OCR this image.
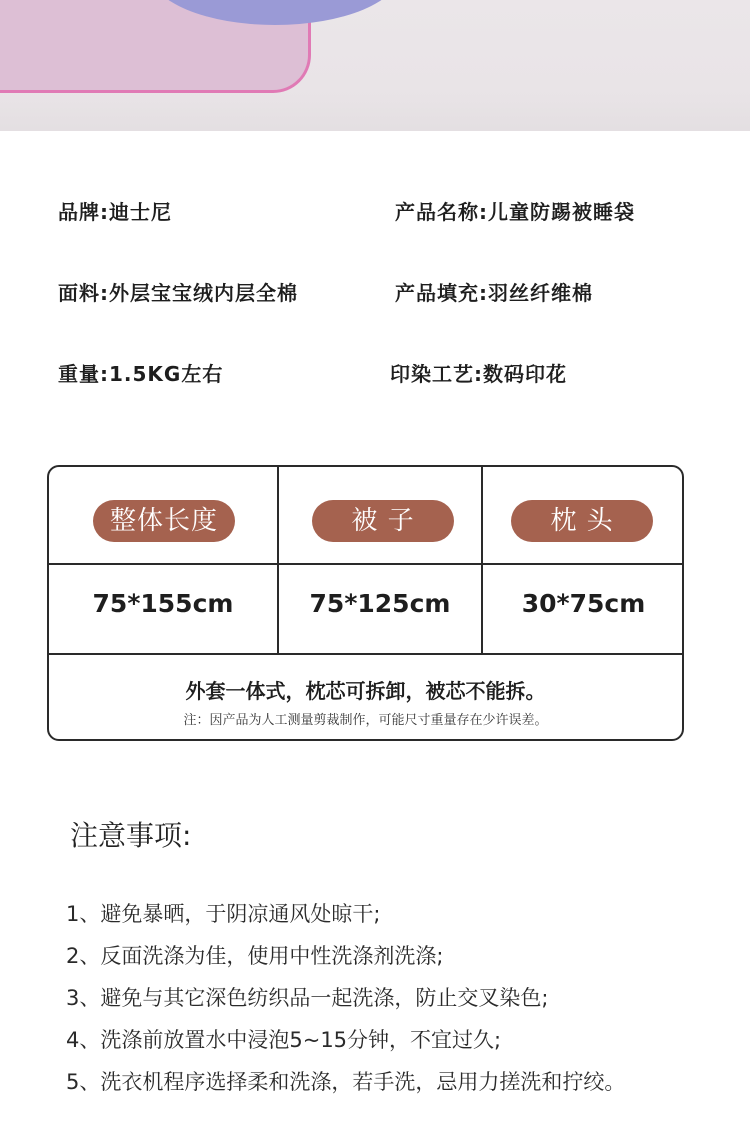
品牌 : 迪士尼	产品名称 : 儿童防踢被睡袋
面料 : 外层宝宝绒内层全棉	产品填充 : 羽丝纤维棉
重量 : 1.5KG左右	印染工艺 : 数码印花
整体长度	被 子	枕 头
75*155cm	75*125cm	30*75cm
外套一体式，枕芯可拆卸，被芯不能拆。
注：因产品为人工测量剪裁制作，可能尺寸重量存在少许误差。
注意事项:
1、避免暴晒，于阴凉通风处晾干;
2、反面洗涤为佳，使用中性洗涤剂洗涤;
3、避免与其它深色纺织品一起洗涤，防止交叉染色;
4、洗涤前放置水中浸泡5~15分钟，不宜过久;
5、洗衣机程序选择柔和洗涤，若手洗，忌用力搓洗和拧绞。
